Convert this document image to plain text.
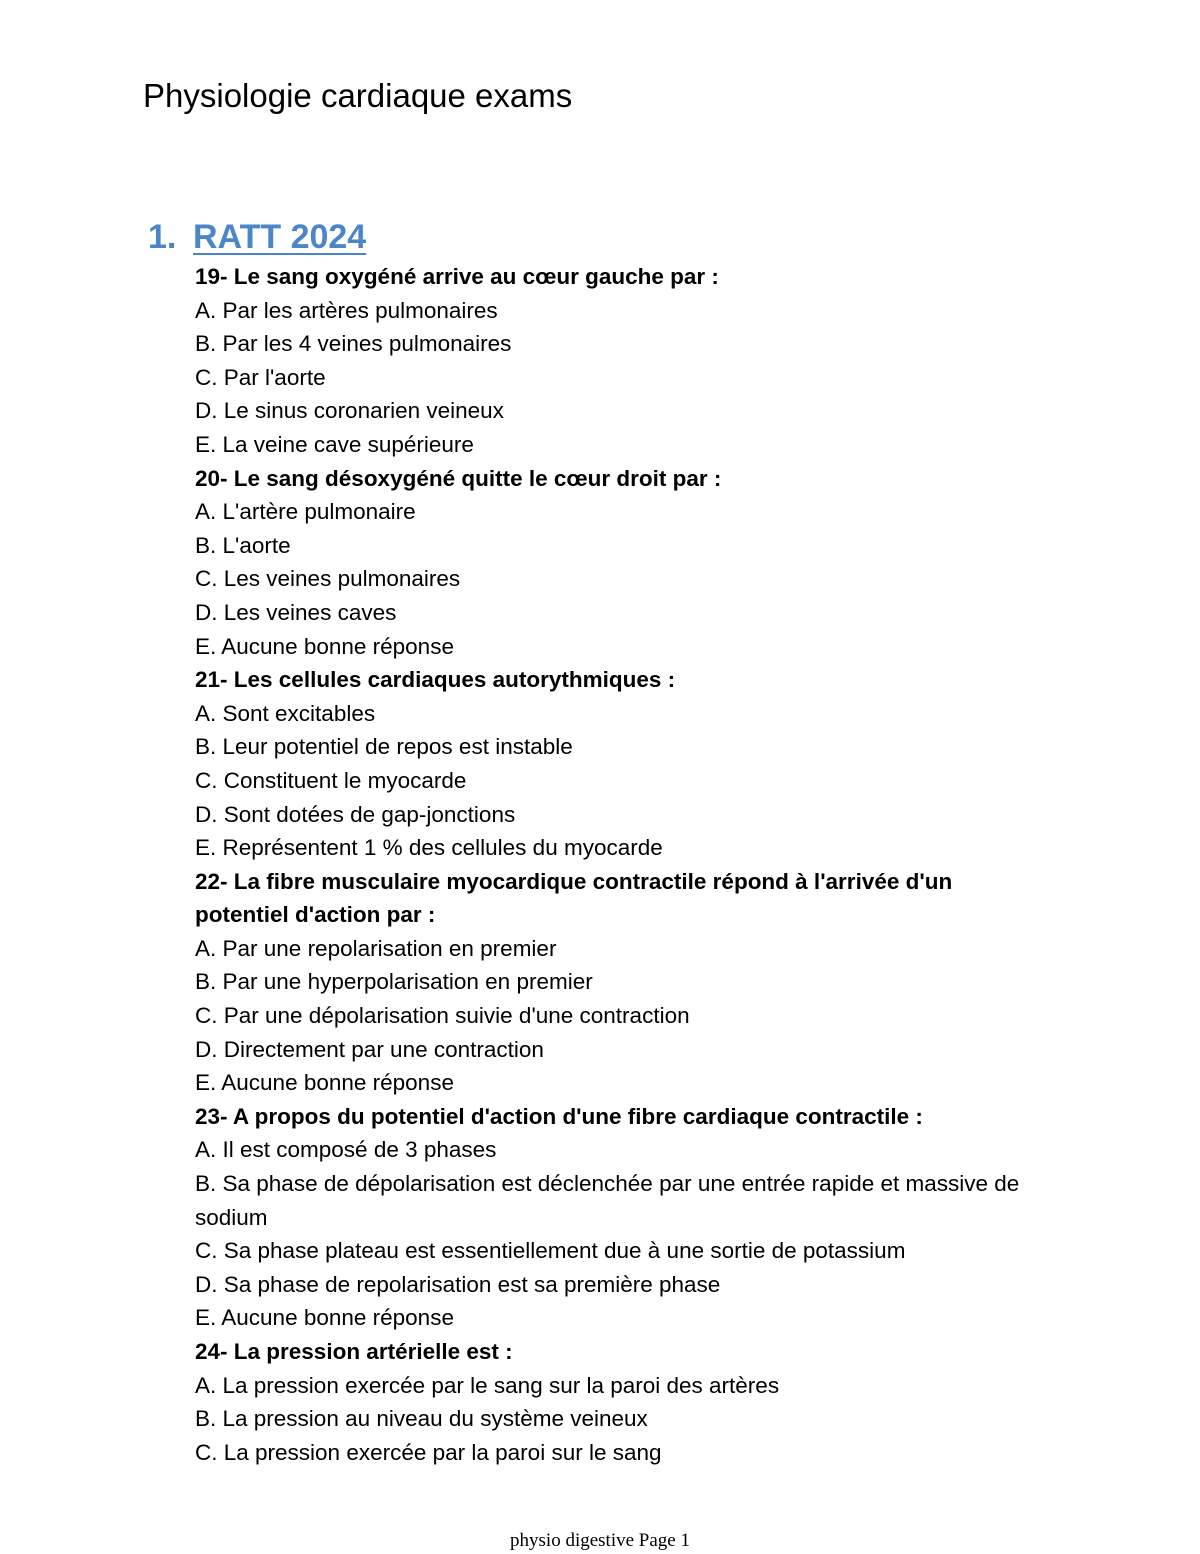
Physiologie cardiaque exams
1. RATT 2024

19- Le sang oxygéné arrive au cœur gauche par :

A. Par les artères pulmonaires

B. Par les 4 veines pulmonaires

C. Par l'aorte

D. Le sinus coronarien veineux

E. La veine cave supérieure

20- Le sang désoxygéné quitte le cœur droit par :

A. L'artère pulmonaire

B. L'aorte

C. Les veines pulmonaires

D. Les veines caves

E. Aucune bonne réponse

21- Les cellules cardiaques autorythmiques :

A. Sont excitables

B. Leur potentiel de repos est instable

C. Constituent le myocarde

D. Sont dotées de gap-jonctions

E. Représentent 1 % des cellules du myocarde

22- La fibre musculaire myocardique contractile répond à l'arrivée d'un potentiel d'action par :

A. Par une repolarisation en premier

B. Par une hyperpolarisation en premier

C. Par une dépolarisation suivie d'une contraction

D. Directement par une contraction

E. Aucune bonne réponse

23- A propos du potentiel d'action d'une fibre cardiaque contractile :

A. Il est composé de 3 phases

B. Sa phase de dépolarisation est déclenchée par une entrée rapide et massive de sodium

C. Sa phase plateau est essentiellement due à une sortie de potassium

D. Sa phase de repolarisation est sa première phase

E. Aucune bonne réponse

24- La pression artérielle est :

A. La pression exercée par le sang sur la paroi des artères

B. La pression au niveau du système veineux

C. La pression exercée par la paroi sur le sang

physio digestive Page 1
